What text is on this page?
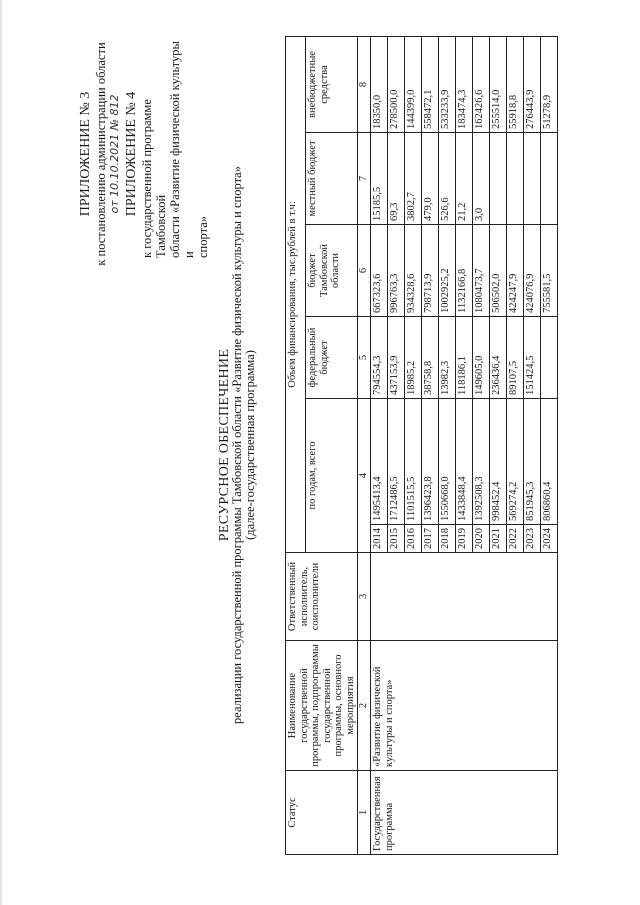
ПРИЛОЖЕНИЕ № 3 к постановлению администрации области от 10.10.2021 № 812 ПРИЛОЖЕНИЕ № 4 к государственной программе Тамбовской области «Развитие физической культуры и спорта»
РЕСУРСНОЕ ОБЕСПЕЧЕНИЕ
реализации государственной программы Тамбовской области «Развитие физической культуры и спорта» (далее-государственная программа)
Статус	Наименование государственной программы, подпрограммы государственной программы, основного мероприятия	Ответственный исполнитель, соисполнители	Объем финансирования, тыс.рублей в т.ч:					
			по годам, всего		федеральный бюджет	бюджет Тамбовской области	местный бюджет	внебюджетные средства
1	2	3	4		5	6	7	8
Государственная программа	«Развитие физической культуры и спорта»		2014	1495413,4	794554,3	667323,6	15185,5	18350,0
			2015	1712486,5	437153,9	996763,3	69,3	278500,0
			2016	1101515,5	18985,2	934328,6	3802,7	144399,0
			2017	1396423,8	38758,8	798713,9	479,0	558472,1
			2018	1550668,0	13982,3	1002925,2	526,6	533233,9
			2019	1433848,4	118186,1	1132166,8	21,2	183474,3
			2020	1392508,3	149605,0	1080473,7	3,0	162426,6
			2021	998452,4	236436,4	506502,0		255514,0
			2022	569274,2	89107,5	424247,9		55918,8
			2023	851945,3	151424,5	424076,9		276443,9
			2024	806860,4		755581,5		51278,9
